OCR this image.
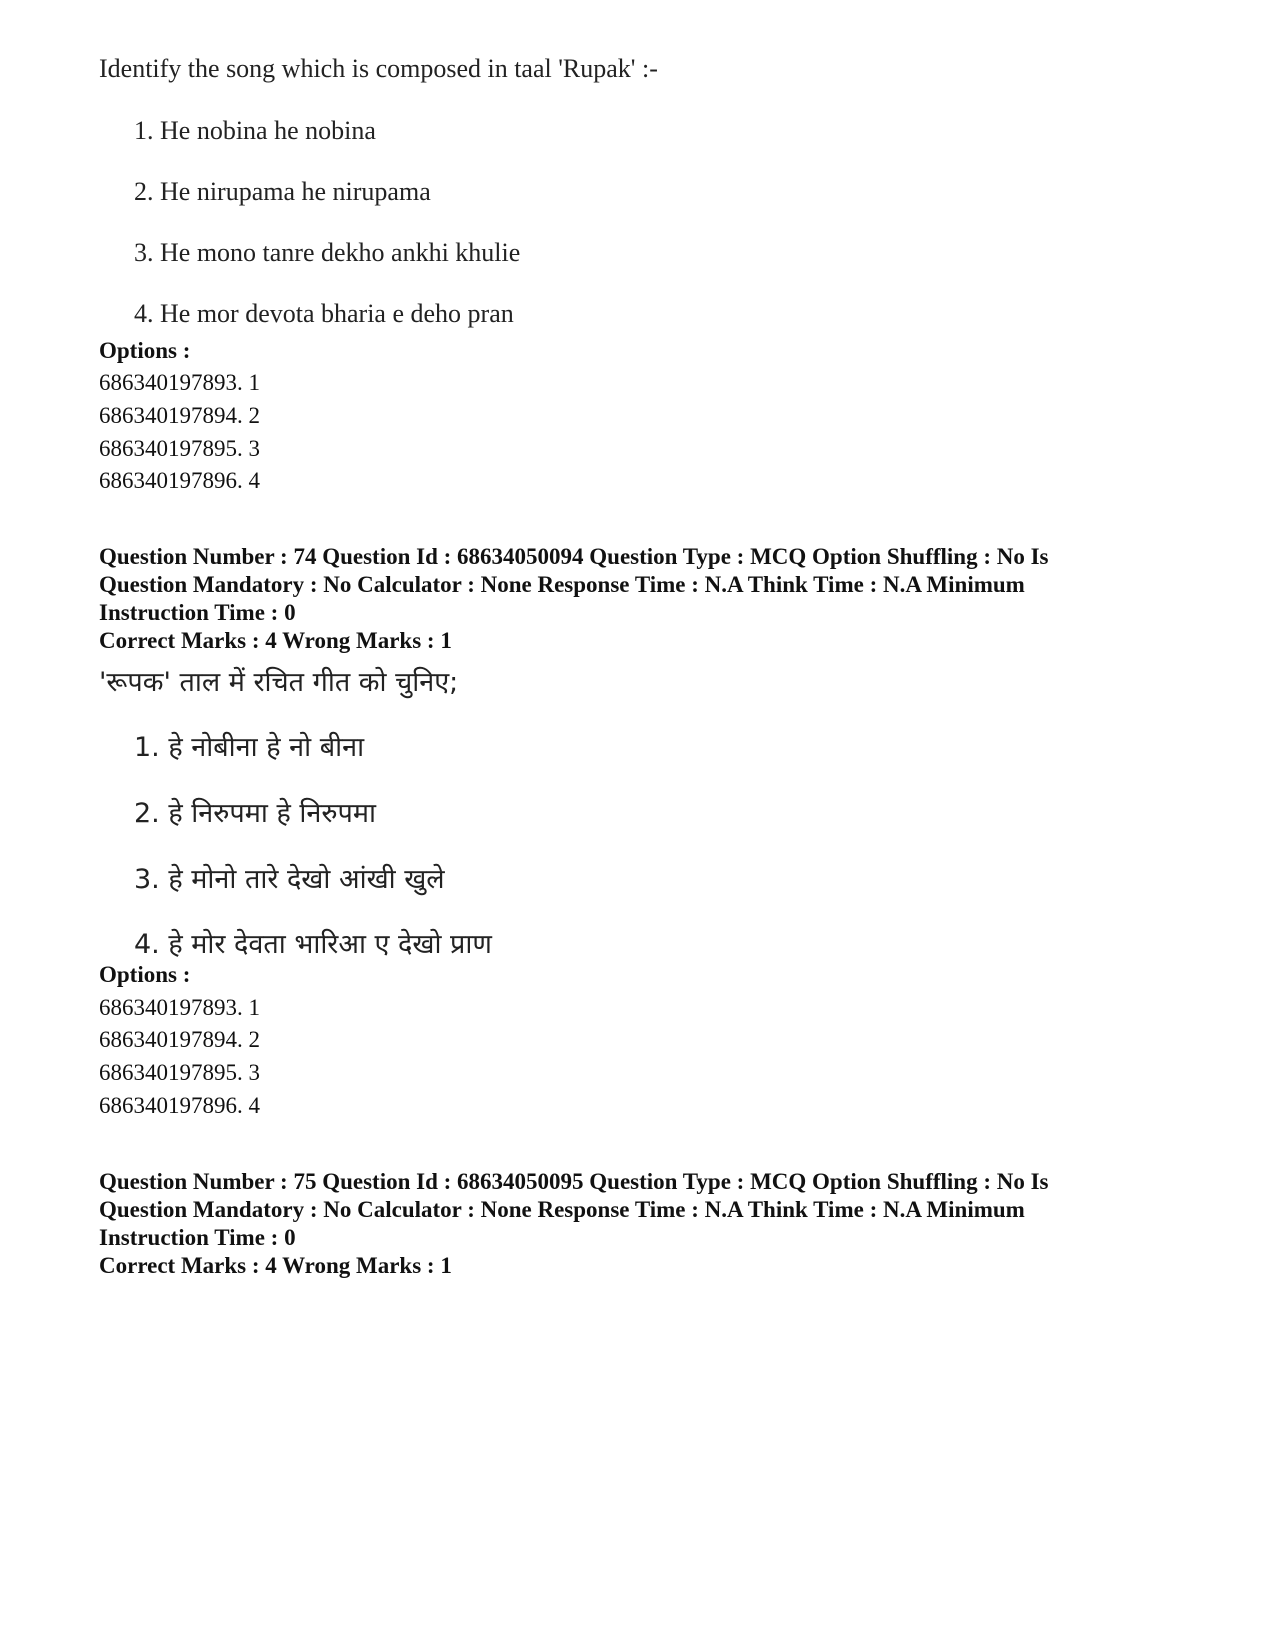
Identify the song which is composed in taal 'Rupak' :-
1. He nobina he nobina
2. He nirupama he nirupama
3. He mono tanre dekho ankhi khulie
4. He mor devota bharia e deho pran
Options :
686340197893. 1
686340197894. 2
686340197895. 3
686340197896. 4
Question Number : 74 Question Id : 68634050094 Question Type : MCQ Option Shuffling : No Is
Question Mandatory : No Calculator : None Response Time : N.A Think Time : N.A Minimum
Instruction Time : 0
Correct Marks : 4 Wrong Marks : 1
'रूपक' ताल में रचित गीत को चुनिए;
1. हे नोबीना हे नो बीना
2. हे निरुपमा हे निरुपमा
3. हे मोनो तारे देखो आंखी खुले
4. हे मोर देवता भारिआ ए देखो प्राण
Options :
686340197893. 1
686340197894. 2
686340197895. 3
686340197896. 4
Question Number : 75 Question Id : 68634050095 Question Type : MCQ Option Shuffling : No Is
Question Mandatory : No Calculator : None Response Time : N.A Think Time : N.A Minimum
Instruction Time : 0
Correct Marks : 4 Wrong Marks : 1
